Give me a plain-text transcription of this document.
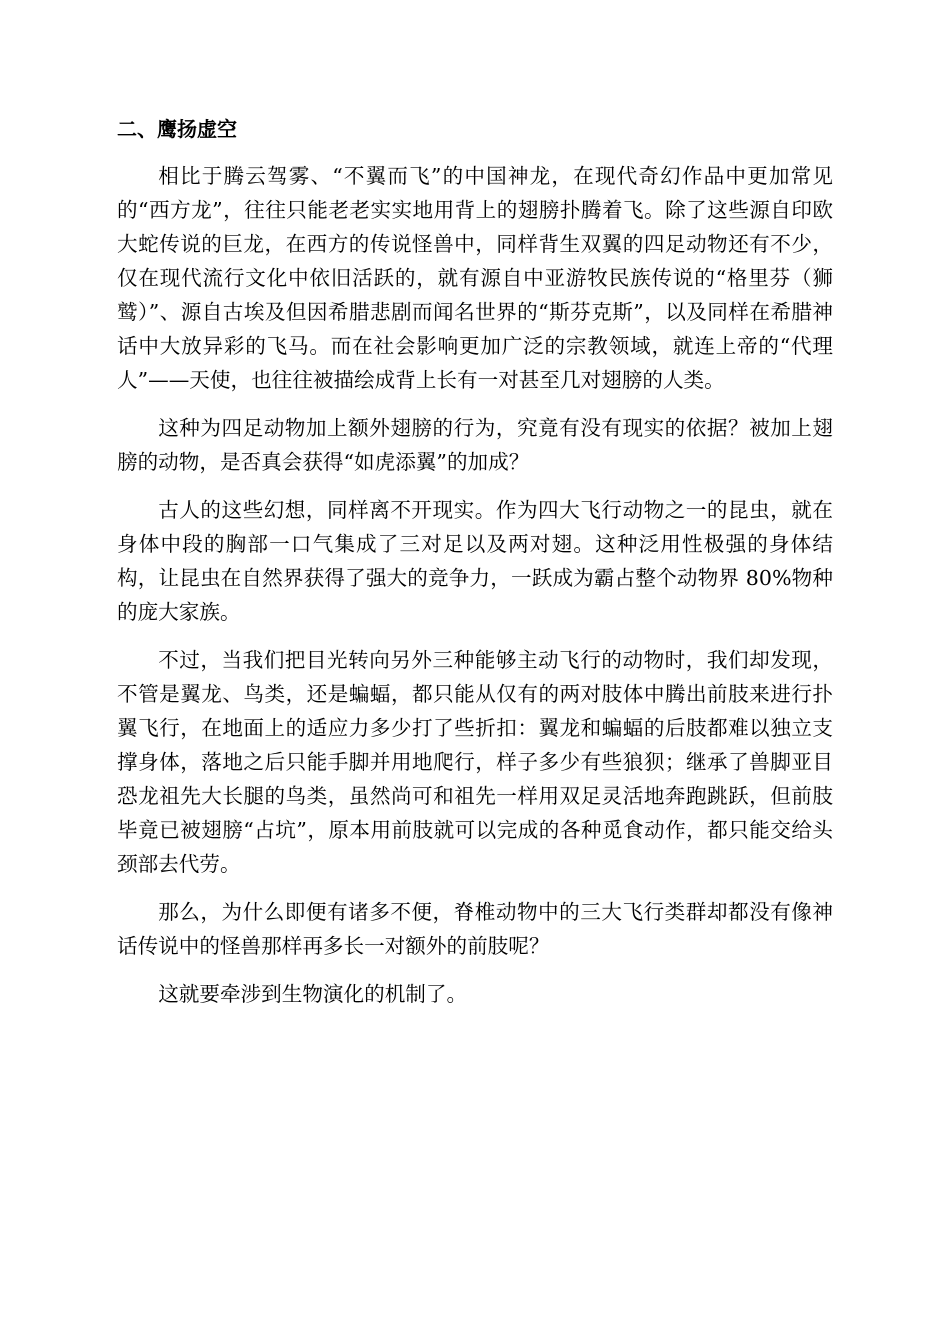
二、鹰扬虚空

相比于腾云驾雾、“不翼而飞”的中国神龙，在现代奇幻作品中更加常见的“西方龙”，往往只能老老实实地用背上的翅膀扑腾着飞。除了这些源自印欧大蛇传说的巨龙，在西方的传说怪兽中，同样背生双翼的四足动物还有不少，仅在现代流行文化中依旧活跃的，就有源自中亚游牧民族传说的“格里芬（狮鹫）”、源自古埃及但因希腊悲剧而闻名世界的“斯芬克斯”，以及同样在希腊神话中大放异彩的飞马。而在社会影响更加广泛的宗教领域，就连上帝的“代理人”——天使，也往往被描绘成背上长有一对甚至几对翅膀的人类。

这种为四足动物加上额外翅膀的行为，究竟有没有现实的依据？被加上翅膀的动物，是否真会获得“如虎添翼”的加成？

古人的这些幻想，同样离不开现实。作为四大飞行动物之一的昆虫，就在身体中段的胸部一口气集成了三对足以及两对翅。这种泛用性极强的身体结构，让昆虫在自然界获得了强大的竞争力，一跃成为霸占整个动物界 80%物种的庞大家族。

不过，当我们把目光转向另外三种能够主动飞行的动物时，我们却发现，不管是翼龙、鸟类，还是蝙蝠，都只能从仅有的两对肢体中腾出前肢来进行扑翼飞行，在地面上的适应力多少打了些折扣：翼龙和蝙蝠的后肢都难以独立支撑身体，落地之后只能手脚并用地爬行，样子多少有些狼狈；继承了兽脚亚目恐龙祖先大长腿的鸟类，虽然尚可和祖先一样用双足灵活地奔跑跳跃，但前肢毕竟已被翅膀“占坑”，原本用前肢就可以完成的各种觅食动作，都只能交给头颈部去代劳。

那么，为什么即便有诸多不便，脊椎动物中的三大飞行类群却都没有像神话传说中的怪兽那样再多长一对额外的前肢呢？

这就要牵涉到生物演化的机制了。
